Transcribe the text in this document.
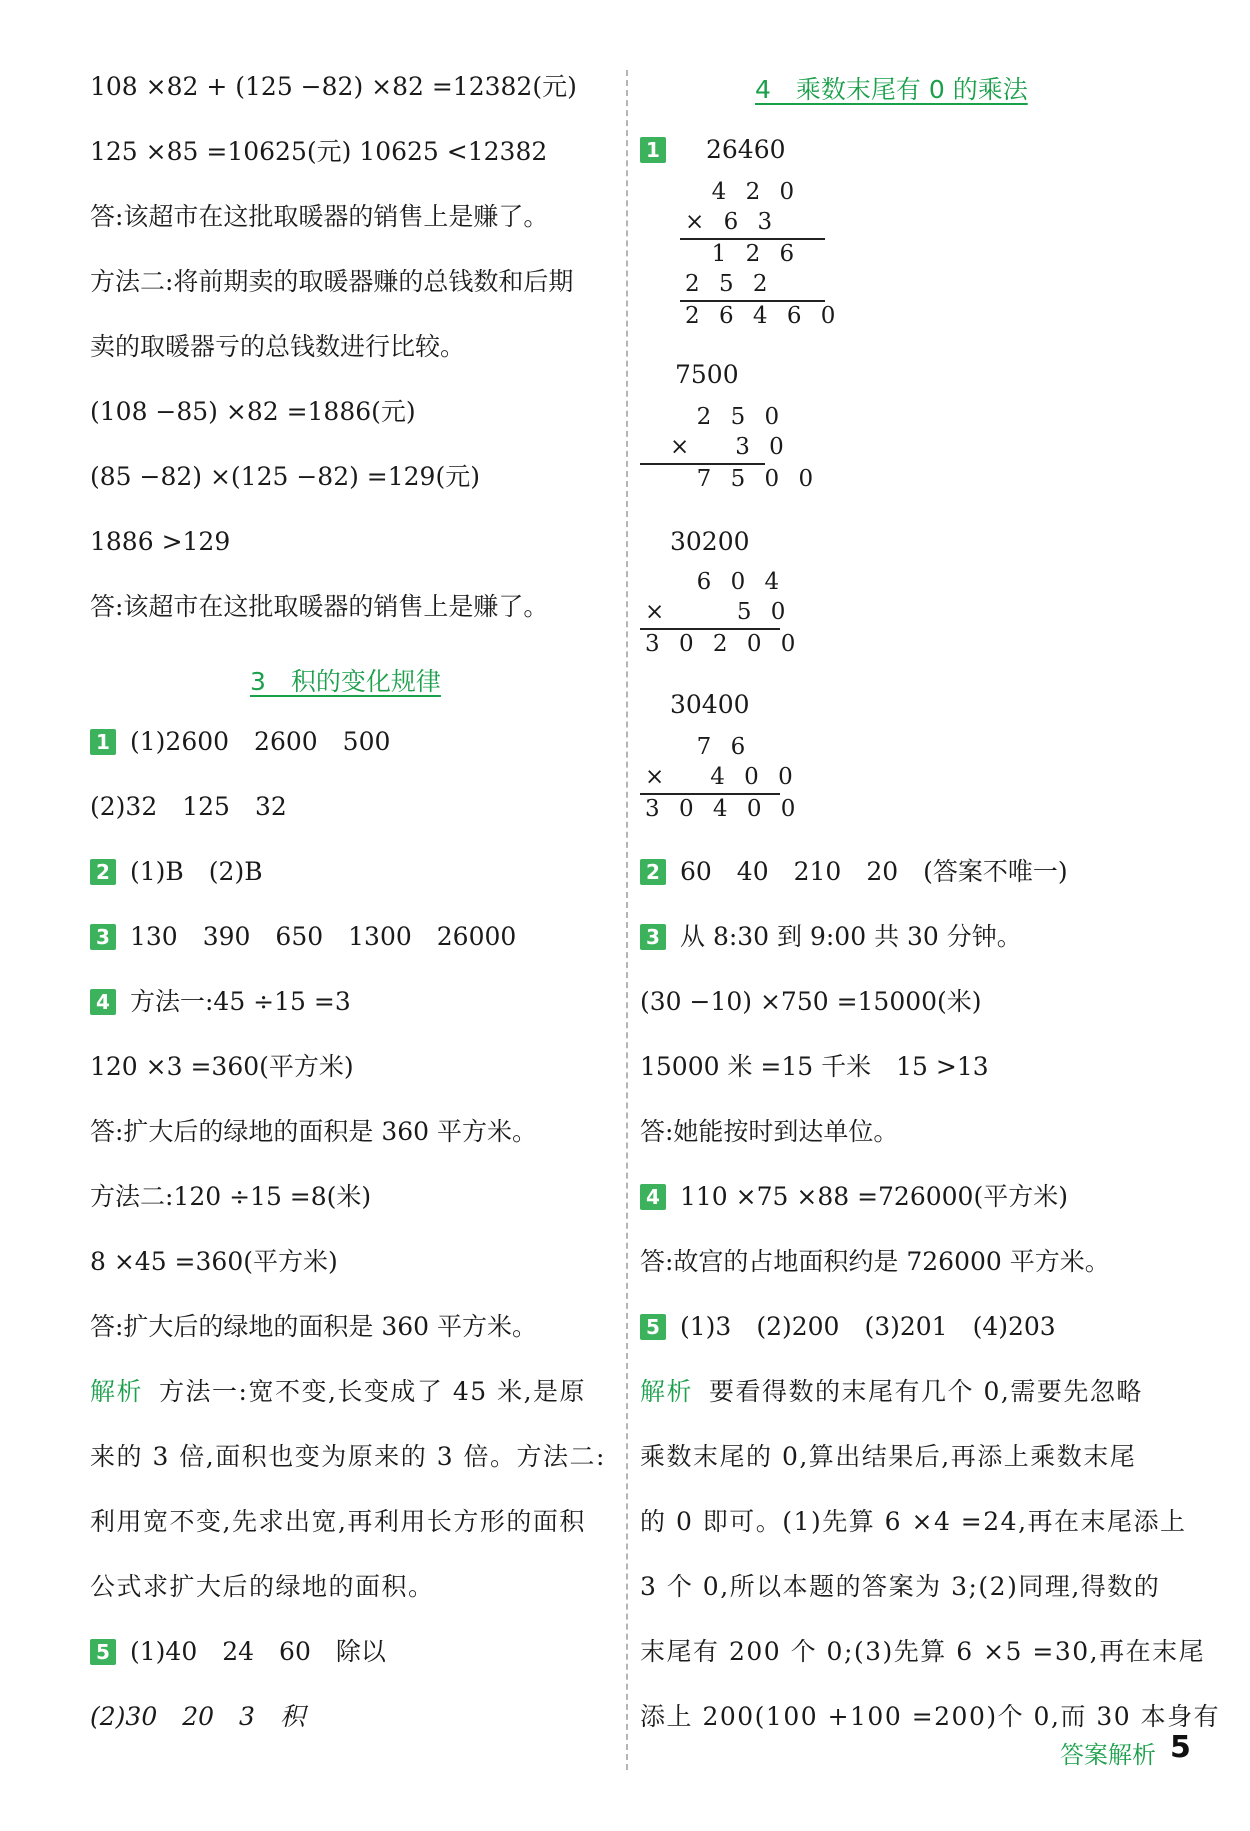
108 ×82 + (125 −82) ×82 =12382(元)
125 ×85 =10625(元) 10625 <12382
答:该超市在这批取暖器的销售上是赚了。
方法二:将前期卖的取暖器赚的总钱数和后期
卖的取暖器亏的总钱数进行比较。
(108 −85) ×82 =1886(元)
(85 −82) ×(125 −82) =129(元)
1886 >129
答:该超市在这批取暖器的销售上是赚了。
3　积的变化规律
1 (1)2600　2600　500
(2)32　125　32
2 (1)B　(2)B
3 130　390　650　1300　26000
4 方法一:45 ÷15 =3
120 ×3 =360(平方米)
答:扩大后的绿地的面积是 360 平方米。
方法二:120 ÷15 =8(米)
8 ×45 =360(平方米)
答:扩大后的绿地的面积是 360 平方米。
解析 方法一:宽不变,长变成了 45 米,是原
来的 3 倍,面积也变为原来的 3 倍。方法二:
利用宽不变,先求出宽,再利用长方形的面积
公式求扩大后的绿地的面积。
5 (1)40　24　60　除以
(2)30　20　3　积
4　乘数末尾有 0 的乘法
1 26460
4 2 0
× 6 3
1 2 6
2 5 2
2 6 4 6 0
7500
2 5 0
×   3 0
7 5 0 0
30200
6 0 4
×     5 0
3 0 2 0 0
30400
7 6
×   4 0 0
3 0 4 0 0
2 60　40　210　20　(答案不唯一)
3 从 8:30 到 9:00 共 30 分钟。
(30 −10) ×750 =15000(米)
15000 米 =15 千米　15 >13
答:她能按时到达单位。
4 110 ×75 ×88 =726000(平方米)
答:故宫的占地面积约是 726000 平方米。
5 (1)3　(2)200　(3)201　(4)203
解析 要看得数的末尾有几个 0,需要先忽略
乘数末尾的 0,算出结果后,再添上乘数末尾
的 0 即可。(1)先算 6 ×4 =24,再在末尾添上
3 个 0,所以本题的答案为 3;(2)同理,得数的
末尾有 200 个 0;(3)先算 6 ×5 =30,再在末尾
添上 200(100 +100 =200)个 0,而 30 本身有
答案解析 5
